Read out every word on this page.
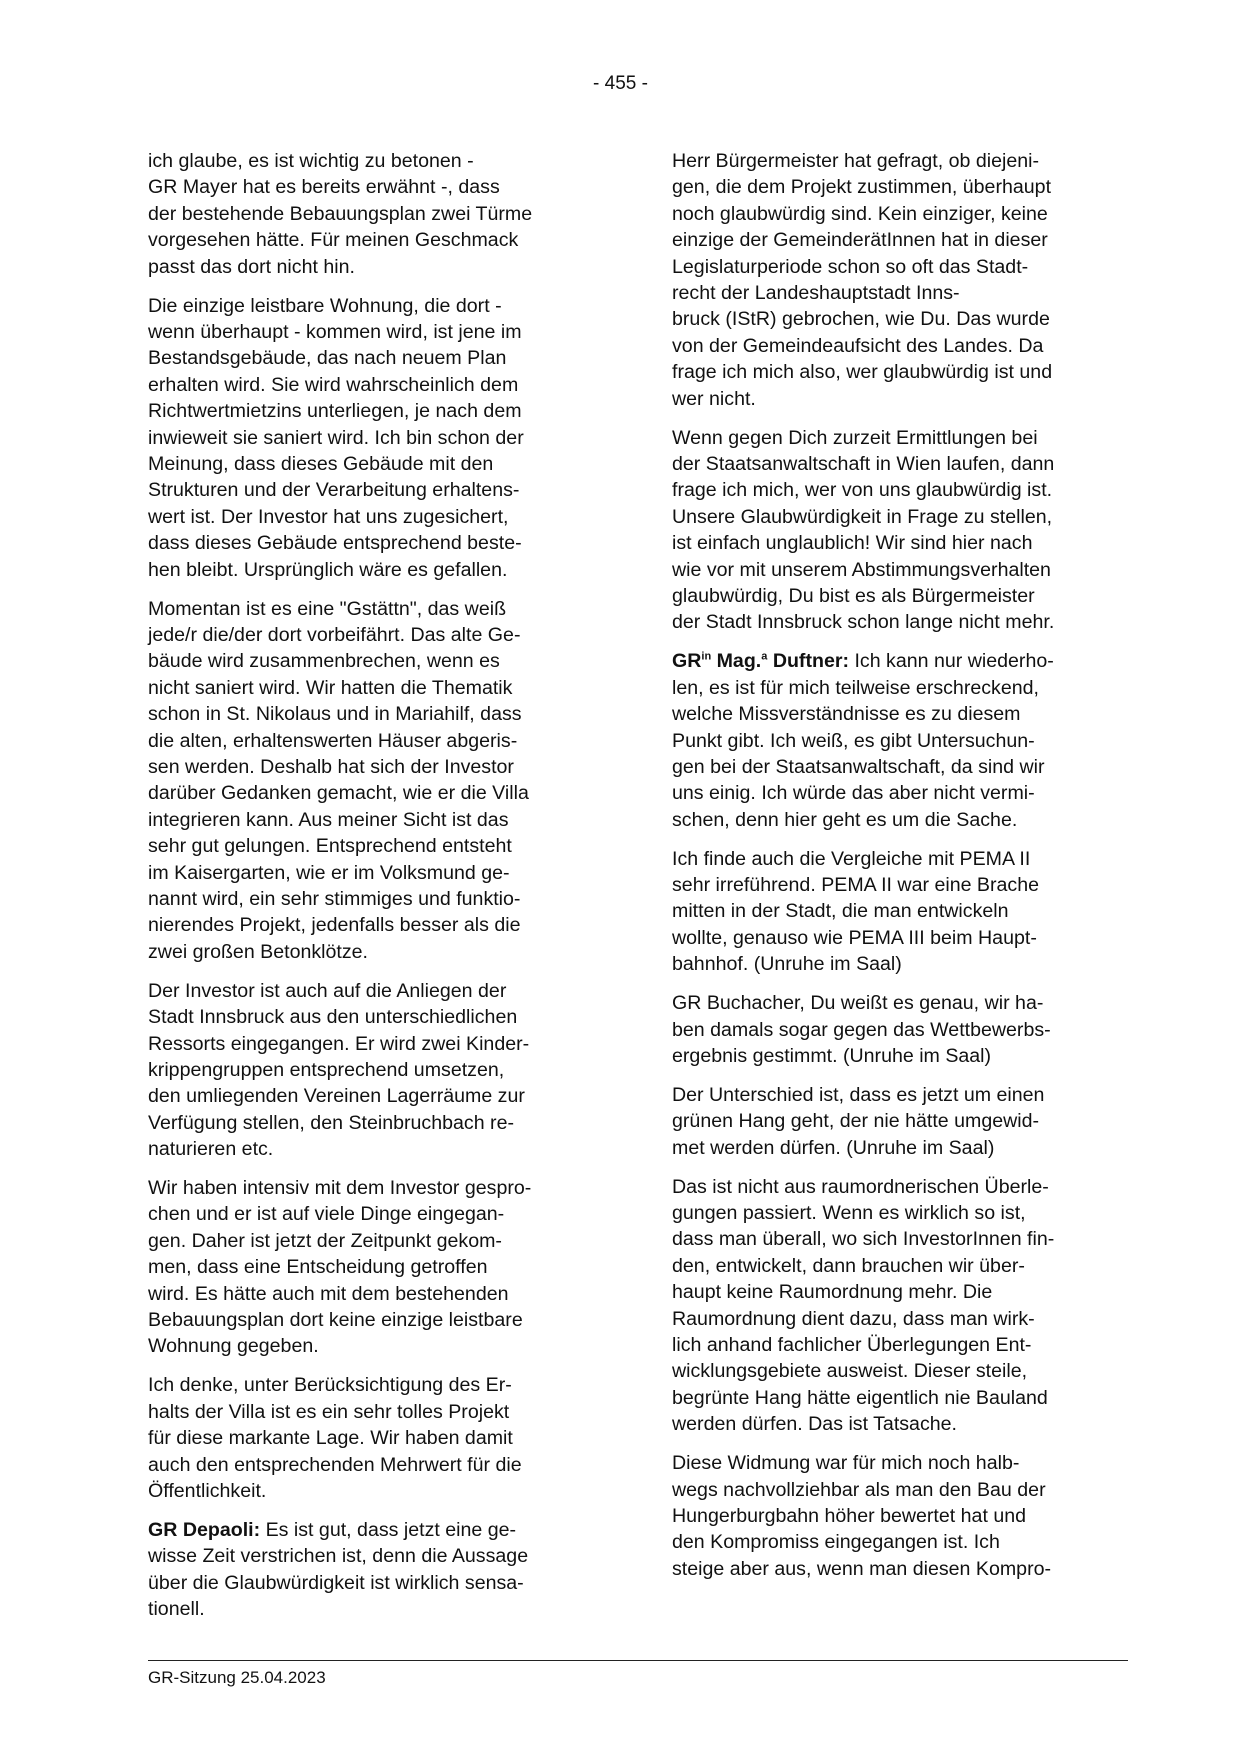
- 455 -

ich glaube, es ist wichtig zu betonen -
GR Mayer hat es bereits erwähnt -, dass
der bestehende Bebauungsplan zwei Türme
vorgesehen hätte. Für meinen Geschmack
passt das dort nicht hin.

Die einzige leistbare Wohnung, die dort -
wenn überhaupt - kommen wird, ist jene im
Bestandsgebäude, das nach neuem Plan
erhalten wird. Sie wird wahrscheinlich dem
Richtwertmietzins unterliegen, je nach dem
inwieweit sie saniert wird. Ich bin schon der
Meinung, dass dieses Gebäude mit den
Strukturen und der Verarbeitung erhaltens-
wert ist. Der Investor hat uns zugesichert,
dass dieses Gebäude entsprechend beste-
hen bleibt. Ursprünglich wäre es gefallen.

Momentan ist es eine "Gstättn", das weiß
jede/r die/der dort vorbeifährt. Das alte Ge-
bäude wird zusammenbrechen, wenn es
nicht saniert wird. Wir hatten die Thematik
schon in St. Nikolaus und in Mariahilf, dass
die alten, erhaltenswerten Häuser abgeris-
sen werden. Deshalb hat sich der Investor
darüber Gedanken gemacht, wie er die Villa
integrieren kann. Aus meiner Sicht ist das
sehr gut gelungen. Entsprechend entsteht
im Kaisergarten, wie er im Volksmund ge-
nannt wird, ein sehr stimmiges und funktio-
nierendes Projekt, jedenfalls besser als die
zwei großen Betonklötze.

Der Investor ist auch auf die Anliegen der
Stadt Innsbruck aus den unterschiedlichen
Ressorts eingegangen. Er wird zwei Kinder-
krippengruppen entsprechend umsetzen,
den umliegenden Vereinen Lagerräume zur
Verfügung stellen, den Steinbruchbach re-
naturieren etc.

Wir haben intensiv mit dem Investor gespro-
chen und er ist auf viele Dinge eingegan-
gen. Daher ist jetzt der Zeitpunkt gekom-
men, dass eine Entscheidung getroffen
wird. Es hätte auch mit dem bestehenden
Bebauungsplan dort keine einzige leistbare
Wohnung gegeben.

Ich denke, unter Berücksichtigung des Er-
halts der Villa ist es ein sehr tolles Projekt
für diese markante Lage. Wir haben damit
auch den entsprechenden Mehrwert für die
Öffentlichkeit.

GR Depaoli: Es ist gut, dass jetzt eine ge-
wisse Zeit verstrichen ist, denn die Aussage
über die Glaubwürdigkeit ist wirklich sensa-
tionell.

Herr Bürgermeister hat gefragt, ob diejeni-
gen, die dem Projekt zustimmen, überhaupt
noch glaubwürdig sind. Kein einziger, keine
einzige der GemeinderätInnen hat in dieser
Legislaturperiode schon so oft das Stadt-
recht der Landeshauptstadt Inns-
bruck (IStR) gebrochen, wie Du. Das wurde
von der Gemeindeaufsicht des Landes. Da
frage ich mich also, wer glaubwürdig ist und
wer nicht.

Wenn gegen Dich zurzeit Ermittlungen bei
der Staatsanwaltschaft in Wien laufen, dann
frage ich mich, wer von uns glaubwürdig ist.
Unsere Glaubwürdigkeit in Frage zu stellen,
ist einfach unglaublich! Wir sind hier nach
wie vor mit unserem Abstimmungsverhalten
glaubwürdig, Du bist es als Bürgermeister
der Stadt Innsbruck schon lange nicht mehr.

$GR^{in}$ Mag.$^a$ Duftner: Ich kann nur wiederho-
len, es ist für mich teilweise erschreckend,
welche Missverständnisse es zu diesem
Punkt gibt. Ich weiß, es gibt Untersuchun-
gen bei der Staatsanwaltschaft, da sind wir
uns einig. Ich würde das aber nicht vermi-
schen, denn hier geht es um die Sache.

Ich finde auch die Vergleiche mit PEMA II
sehr irreführend. PEMA II war eine Brache
mitten in der Stadt, die man entwickeln
wollte, genauso wie PEMA III beim Haupt-
bahnhof. (Unruhe im Saal)

GR Buchacher, Du weißt es genau, wir ha-
ben damals sogar gegen das Wettbewerbs-
ergebnis gestimmt. (Unruhe im Saal)

Der Unterschied ist, dass es jetzt um einen
grünen Hang geht, der nie hätte umgewid-
met werden dürfen. (Unruhe im Saal)

Das ist nicht aus raumordnerischen Überle-
gungen passiert. Wenn es wirklich so ist,
dass man überall, wo sich InvestorInnen fin-
den, entwickelt, dann brauchen wir über-
haupt keine Raumordnung mehr. Die
Raumordnung dient dazu, dass man wirk-
lich anhand fachlicher Überlegungen Ent-
wicklungsgebiete ausweist. Dieser steile,
begrünte Hang hätte eigentlich nie Bauland
werden dürfen. Das ist Tatsache.

Diese Widmung war für mich noch halb-
wegs nachvollziehbar als man den Bau der
Hungerburgbahn höher bewertet hat und
den Kompromiss eingegangen ist. Ich
steige aber aus, wenn man diesen Kompro-

GR-Sitzung 25.04.2023
